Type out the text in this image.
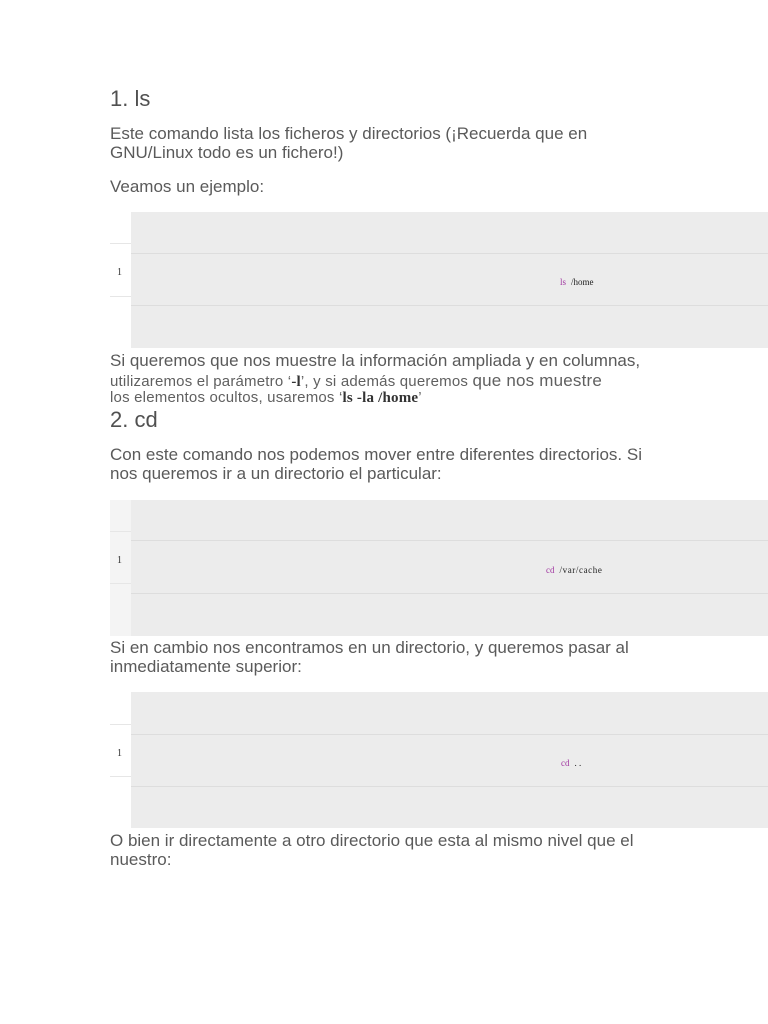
1. ls
Este comando lista los ficheros y directorios (¡Recuerda que en
GNU/Linux todo es un fichero!)
Veamos un ejemplo:
1
ls /home
Si queremos que nos muestre la información ampliada y en columnas,
utilizaremos el parámetro ‘-l’, y si además queremos que nos muestre
los elementos ocultos, usaremos ‘ls -la /home’
2. cd
Con este comando nos podemos mover entre diferentes directorios. Si
nos queremos ir a un directorio el particular:
1
cd /var/cache
Si en cambio nos encontramos en un directorio, y queremos pasar al
inmediatamente superior:
1
cd . .
O bien ir directamente a otro directorio que esta al mismo nivel que el
nuestro:
